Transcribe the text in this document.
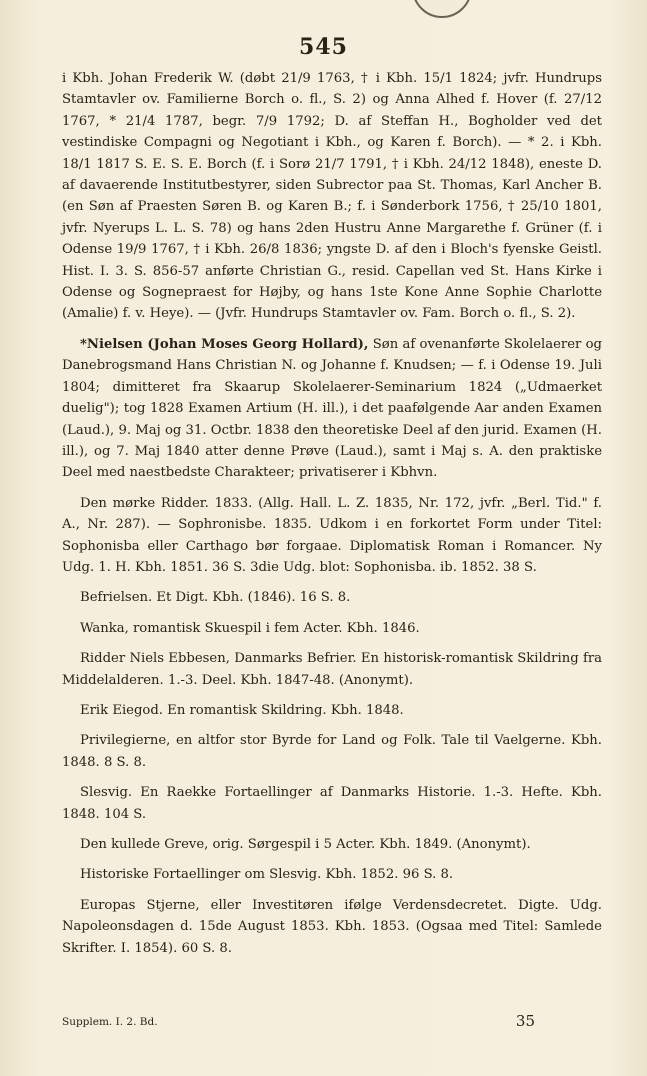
545

i Kbh. Johan Frederik W. (døbt 21/9 1763, † i Kbh. 15/1 1824; jvfr. Hundrups Stamtavler ov. Familierne Borch o. fl., S. 2) og Anna Alhed f. Hover (f. 27/12 1767, * 21/4 1787, begr. 7/9 1792; D. af Steffan H., Bogholder ved det vestindiske Compagni og Negotiant i Kbh., og Karen f. Borch). — * 2. i Kbh. 18/1 1817 S. E. S. E. Borch (f. i Sorø 21/7 1791, † i Kbh. 24/12 1848), eneste D. af davaerende Institutbestyrer, siden Subrector paa St. Thomas, Karl Ancher B. (en Søn af Praesten Søren B. og Karen B.; f. i Sønderbork 1756, † 25/10 1801, jvfr. Nyerups L. L. S. 78) og hans 2den Hustru Anne Margarethe f. Grüner (f. i Odense 19/9 1767, † i Kbh. 26/8 1836; yngste D. af den i Bloch's fyenske Geistl. Hist. I. 3. S. 856-57 anførte Christian G., resid. Capellan ved St. Hans Kirke i Odense og Sognepraest for Højby, og hans 1ste Kone Anne Sophie Charlotte (Amalie) f. v. Heye). — (Jvfr. Hundrups Stamtavler ov. Fam. Borch o. fl., S. 2).

*Nielsen (Johan Moses Georg Hollard), Søn af ovenanførte Skolelaerer og Danebrogsmand Hans Christian N. og Johanne f. Knudsen; — f. i Odense 19. Juli 1804; dimitteret fra Skaarup Skolelaerer-Seminarium 1824 („Udmaerket duelig"); tog 1828 Examen Artium (H. ill.), i det paafølgende Aar anden Examen (Laud.), 9. Maj og 31. Octbr. 1838 den theoretiske Deel af den jurid. Examen (H. ill.), og 7. Maj 1840 atter denne Prøve (Laud.), samt i Maj s. A. den praktiske Deel med naestbedste Charakteer; privatiserer i Kbhvn.

Den mørke Ridder. 1833. (Allg. Hall. L. Z. 1835, Nr. 172, jvfr. „Berl. Tid." f. A., Nr. 287). — Sophronisbe. 1835. Udkom i en forkortet Form under Titel: Sophonisba eller Carthago bør forgaae. Diplomatisk Roman i Romancer. Ny Udg. 1. H. Kbh. 1851. 36 S. 3die Udg. blot: Sophonisba. ib. 1852. 38 S.

Befrielsen. Et Digt. Kbh. (1846). 16 S. 8.

Wanka, romantisk Skuespil i fem Acter. Kbh. 1846.

Ridder Niels Ebbesen, Danmarks Befrier. En historisk-romantisk Skildring fra Middelalderen. 1.-3. Deel. Kbh. 1847-48. (Anonymt).

Erik Eiegod. En romantisk Skildring. Kbh. 1848.

Privilegierne, en altfor stor Byrde for Land og Folk. Tale til Vaelgerne. Kbh. 1848. 8 S. 8.

Slesvig. En Raekke Fortaellinger af Danmarks Historie. 1.-3. Hefte. Kbh. 1848. 104 S.

Den kullede Greve, orig. Sørgespil i 5 Acter. Kbh. 1849. (Anonymt).

Historiske Fortaellinger om Slesvig. Kbh. 1852. 96 S. 8.

Europas Stjerne, eller Investitøren ifølge Verdensdecretet. Digte. Udg. Napoleonsdagen d. 15de August 1853. Kbh. 1853. (Ogsaa med Titel: Samlede Skrifter. I. 1854). 60 S. 8.

Supplem. I. 2. Bd.	35
